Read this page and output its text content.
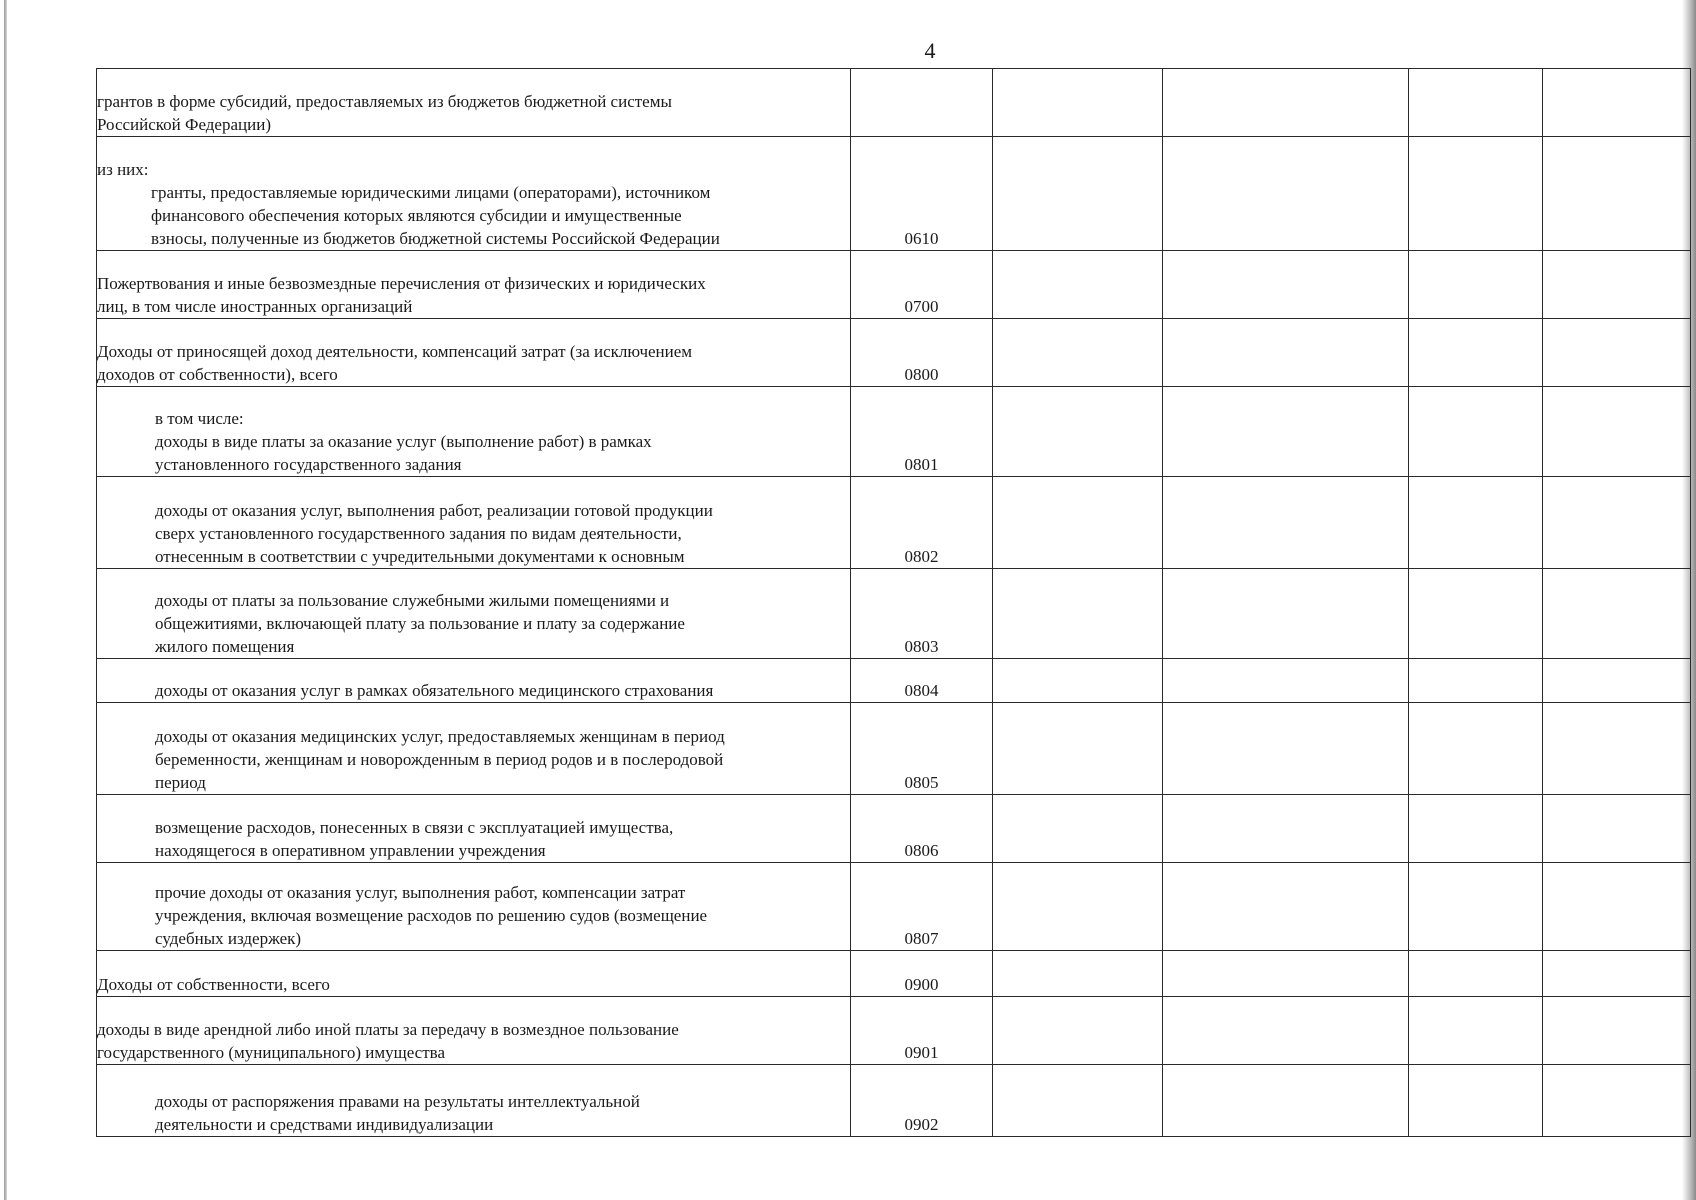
4
грантов в форме субсидий, предоставляемых из бюджетов бюджетной системы
Российской Федерации)					

из них:
гранты, предоставляемые юридическими лицами (операторами), источником
финансового обеспечения которых являются субсидии и имущественные
взносы, полученные из бюджетов бюджетной системы Российской Федерации	0610				

Пожертвования и иные безвозмездные перечисления от физических и юридических
лиц, в том числе иностранных организаций	0700				

Доходы от приносящей доход деятельности, компенсаций затрат (за исключением
доходов от собственности), всего	0800				

в том числе:
доходы в виде платы за оказание услуг (выполнение работ) в рамках
установленного государственного задания	0801				

доходы от оказания услуг, выполнения работ, реализации готовой продукции
сверх установленного государственного задания по видам деятельности,
отнесенным в соответствии с учредительными документами к основным	0802				

доходы от платы за пользование служебными жилыми помещениями и
общежитиями, включающей плату за пользование и плату за содержание
жилого помещения	0803				

доходы от оказания услуг в рамках обязательного медицинского страхования	0804				

доходы от оказания медицинских услуг, предоставляемых женщинам в период
беременности, женщинам и новорожденным в период родов и в послеродовой
период	0805				

возмещение расходов, понесенных в связи с эксплуатацией имущества,
находящегося в оперативном управлении учреждения	0806				

прочие доходы от оказания услуг, выполнения работ, компенсации затрат
учреждения, включая возмещение расходов по решению судов (возмещение
судебных издержек)	0807				

Доходы от собственности, всего	0900				

доходы в виде арендной либо иной платы за передачу в возмездное пользование
государственного (муниципального) имущества	0901				

доходы от распоряжения правами на результаты интеллектуальной
деятельности и средствами индивидуализации	0902				
